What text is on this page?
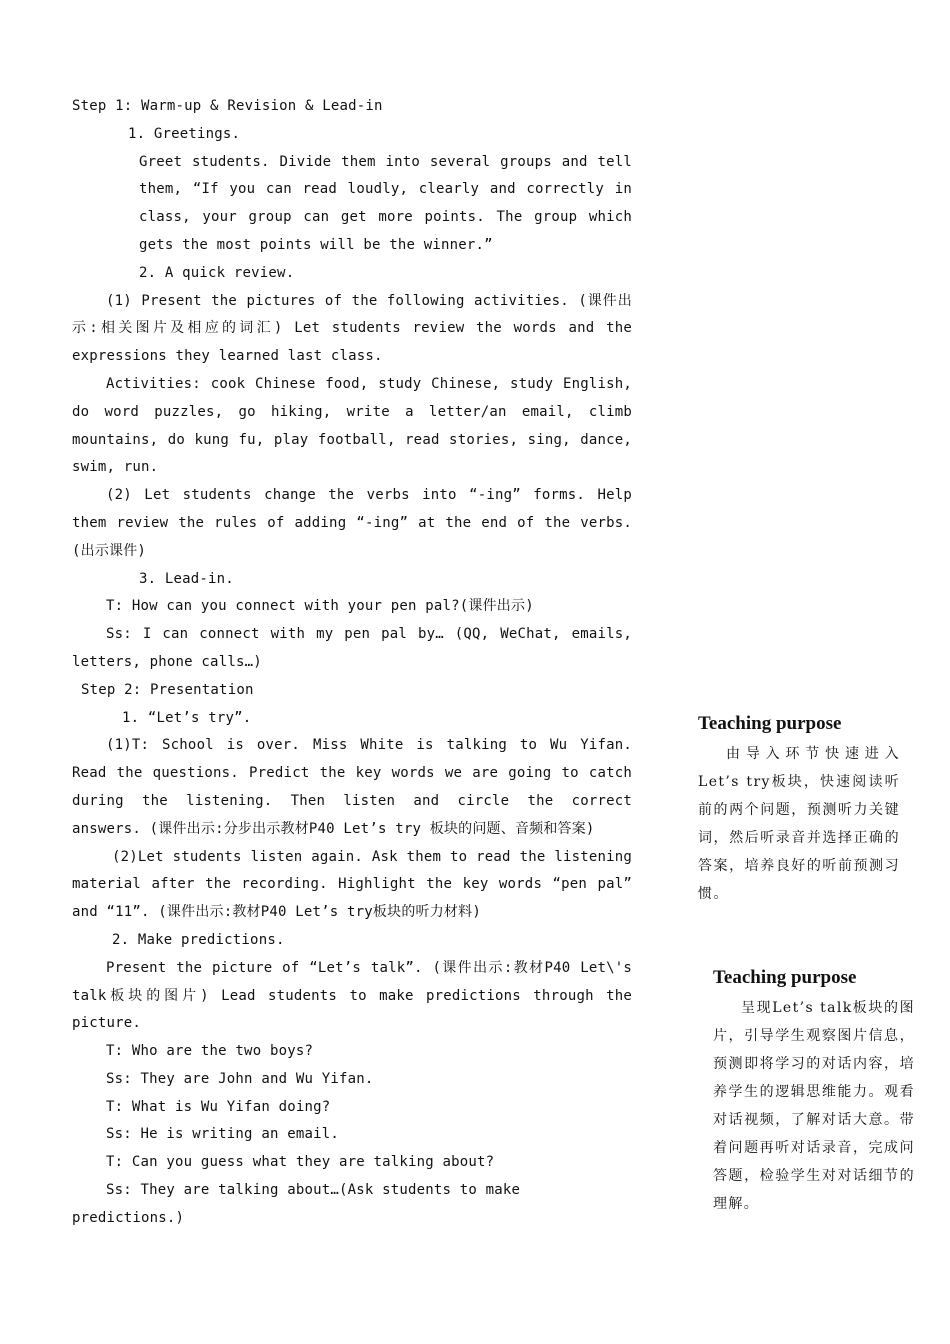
Step 1: Warm-up & Revision & Lead-in

1. Greetings.

Greet students. Divide them into several groups and tell them, “If you can read loudly, clearly and correctly in class, your group can get more points. The group which gets the most points will be the winner.”

2. A quick review.

(1) Present the pictures of the following activities. (课件出示:相关图片及相应的词汇) Let students review the words and the expressions they learned last class.

Activities: cook Chinese food, study Chinese, study English, do word puzzles, go hiking, write a letter/an email, climb mountains, do kung fu, play football, read stories, sing, dance, swim, run.

(2) Let students change the verbs into “-ing” forms. Help them review the rules of adding “-ing” at the end of the verbs.(出示课件)

3. Lead-in.

T: How can you connect with your pen pal?(课件出示)

Ss: I can connect with my pen pal by… (QQ, WeChat, emails, letters, phone calls…)

Step 2: Presentation

1. “Let’s try”.

(1)T: School is over. Miss White is talking to Wu Yifan. Read the questions. Predict the key words we are going to catch during the listening. Then listen and circle the correct answers. (课件出示:分步出示教材P40 Let’s try 板块的问题、音频和答案)

(2)Let students listen again. Ask them to read the listening material after the recording. Highlight the key words “pen pal” and “11”. (课件出示:教材P40 Let’s try板块的听力材料)

2. Make predictions.

Present the picture of “Let’s talk”. (课件出示:教材P40 Let\'s talk板块的图片) Lead students to make predictions through the picture.

T: Who are the two boys?

Ss: They are John and Wu Yifan.

T: What is Wu Yifan doing?

Ss: He is writing an email.

T: Can you guess what they are talking about?

Ss: They are talking about…(Ask students to make predictions.)

Teaching purpose

由导入环节快速进入Let’s try板块，快速阅读听前的两个问题，预测听力关键词，然后听录音并选择正确的答案，培养良好的听前预测习惯。

Teaching purpose

呈现Let’s talk板块的图片，引导学生观察图片信息，预测即将学习的对话内容，培养学生的逻辑思维能力。观看对话视频，了解对话大意。带着问题再听对话录音，完成问答题，检验学生对对话细节的理解。
